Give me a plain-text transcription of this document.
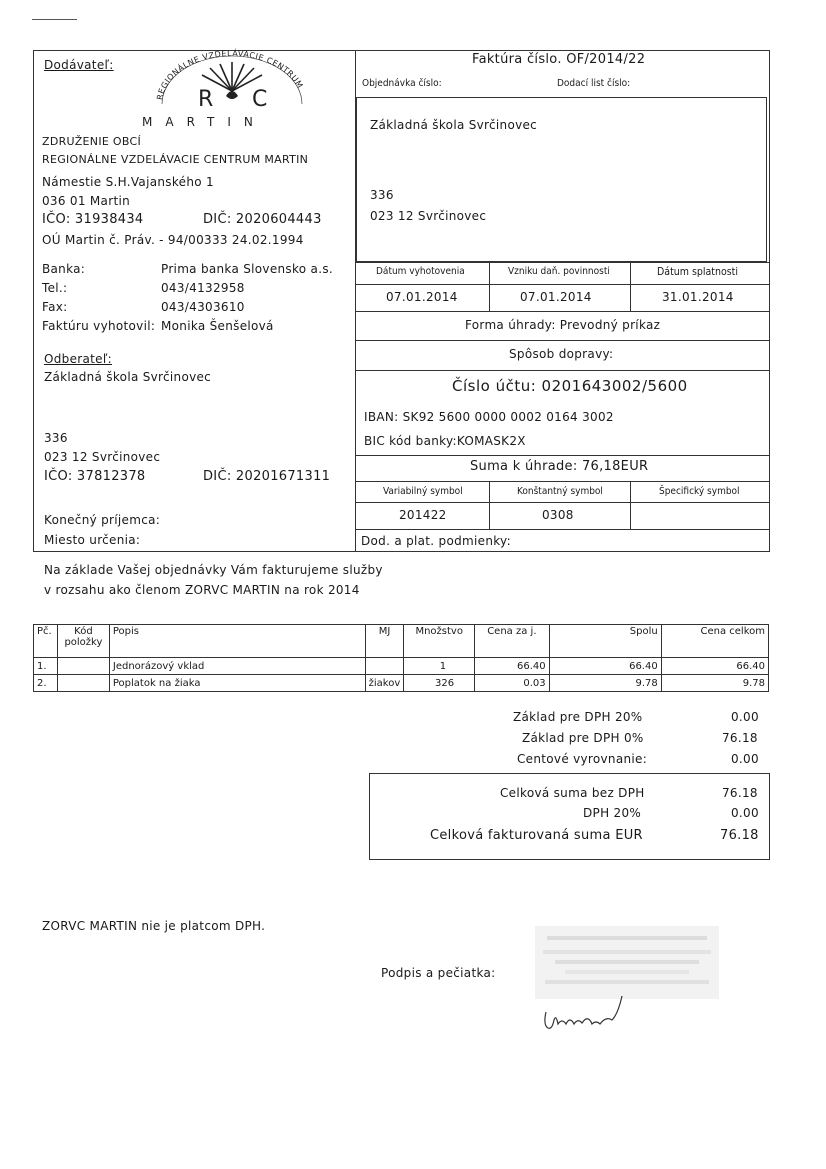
Dodávateľ:
R C
REGIONÁLNE VZDELÁVACIE CENTRUM
MARTIN
ZDRUŽENIE OBCÍ
REGIONÁLNE VZDELÁVACIE CENTRUM MARTIN
Námestie S.H.Vajanského 1
036 01 Martin
IČO: 31938434	DIČ: 2020604443
OÚ Martin č. Práv. - 94/00333 24.02.1994
Banka:	Prima banka Slovensko a.s.
Tel.:	043/4132958
Fax:	043/4303610
Faktúru vyhotovil: Monika Šenšelová
Odberateľ:
Základná škola Svrčinovec
336
023 12 Svrčinovec
IČO: 37812378	DIČ: 20201671311
Konečný príjemca:
Miesto určenia:
Faktúra číslo. OF/2014/22
Objednávka číslo:	Dodací list číslo:
Základná škola Svrčinovec
336
023 12 Svrčinovec
Dátum vyhotovenia	Vzniku daň. povinnosti	Dátum splatnosti
07.01.2014	07.01.2014	31.01.2014
Forma úhrady: Prevodný príkaz
Spôsob dopravy:
Číslo účtu: 0201643002/5600
IBAN: SK92 5600 0000 0002 0164 3002
BIC kód banky:KOMASK2X
Suma k úhrade: 76,18EUR
Variabilný symbol	Konštantný symbol	Špecifický symbol
201422	0308
Dod. a plat. podmienky:
Na základe Vašej objednávky Vám fakturujeme služby
v rozsahu ako členom ZORVC MARTIN na rok 2014
Pč.	Kód položky	Popis	MJ	Množstvo	Cena za j.	Spolu	Cena celkom
1.		Jednorázový vklad		1	66.40	66.40	66.40
2.		Poplatok na žiaka	žiakov	326	0.03	9.78	9.78
Základ pre DPH 20%	0.00
Základ pre DPH 0%	76.18
Centové vyrovnanie:	0.00
Celková suma bez DPH	76.18
DPH 20%	0.00
Celková fakturovaná suma EUR	76.18
ZORVC MARTIN nie je platcom DPH.
Podpis a pečiatka:
